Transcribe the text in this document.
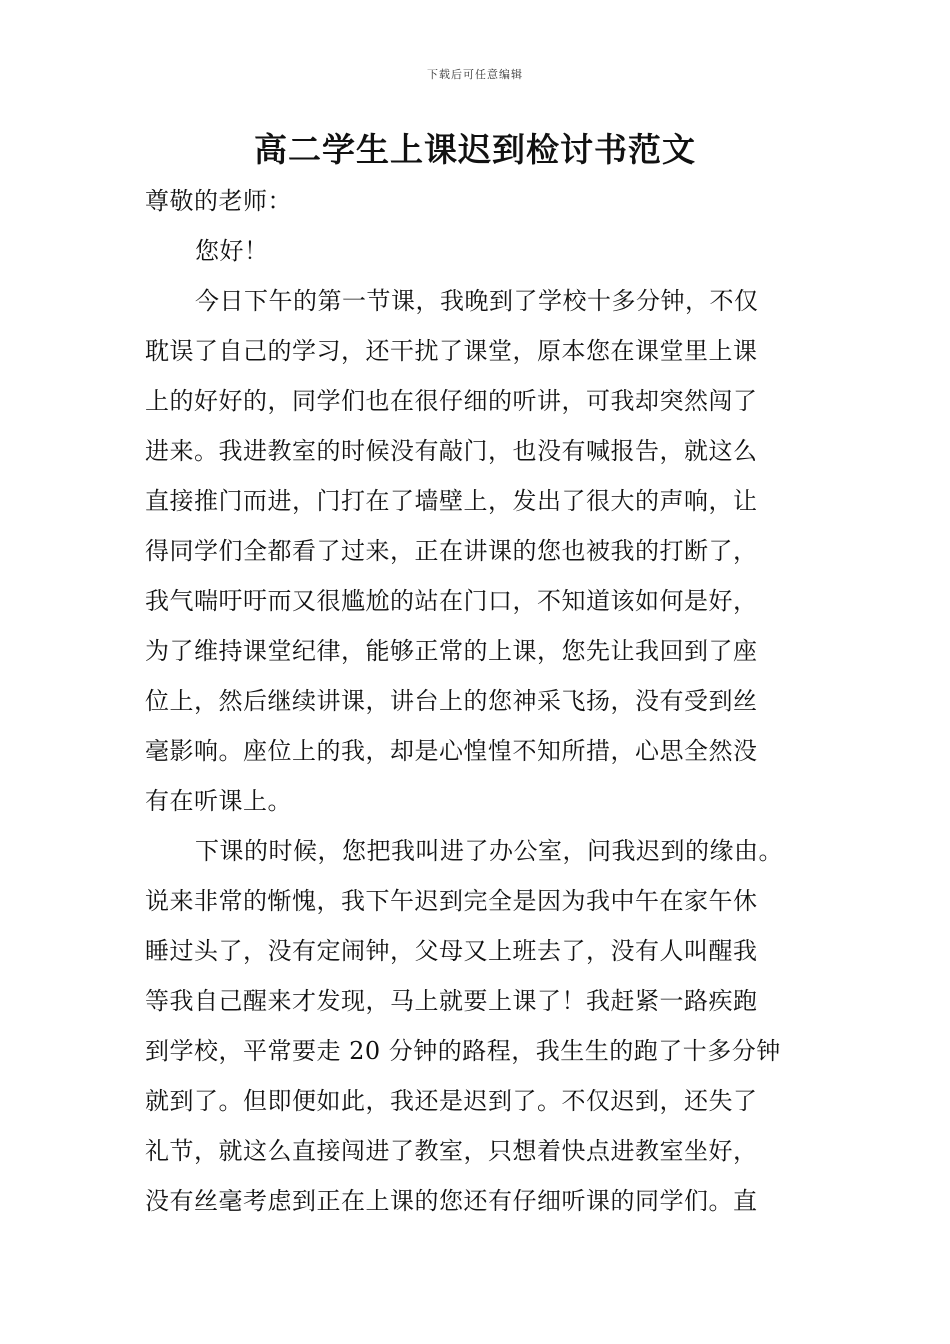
下载后可任意编辑
高二学生上课迟到检讨书范文
尊敬的老师：
您好！
今日下午的第一节课，我晚到了学校十多分钟，不仅
耽误了自己的学习，还干扰了课堂，原本您在课堂里上课
上的好好的，同学们也在很仔细的听讲，可我却突然闯了
进来。我进教室的时候没有敲门，也没有喊报告，就这么
直接推门而进，门打在了墙壁上，发出了很大的声响，让
得同学们全都看了过来，正在讲课的您也被我的打断了，
我气喘吁吁而又很尴尬的站在门口，不知道该如何是好，
为了维持课堂纪律，能够正常的上课，您先让我回到了座
位上，然后继续讲课，讲台上的您神采飞扬，没有受到丝
毫影响。座位上的我，却是心惶惶不知所措，心思全然没
有在听课上。
下课的时候，您把我叫进了办公室，问我迟到的缘由。
说来非常的惭愧，我下午迟到完全是因为我中午在家午休
睡过头了，没有定闹钟，父母又上班去了，没有人叫醒我
等我自己醒来才发现，马上就要上课了！我赶紧一路疾跑
到学校，平常要走 20 分钟的路程，我生生的跑了十多分钟
就到了。但即便如此，我还是迟到了。不仅迟到，还失了
礼节，就这么直接闯进了教室，只想着快点进教室坐好，
没有丝毫考虑到正在上课的您还有仔细听课的同学们。直
